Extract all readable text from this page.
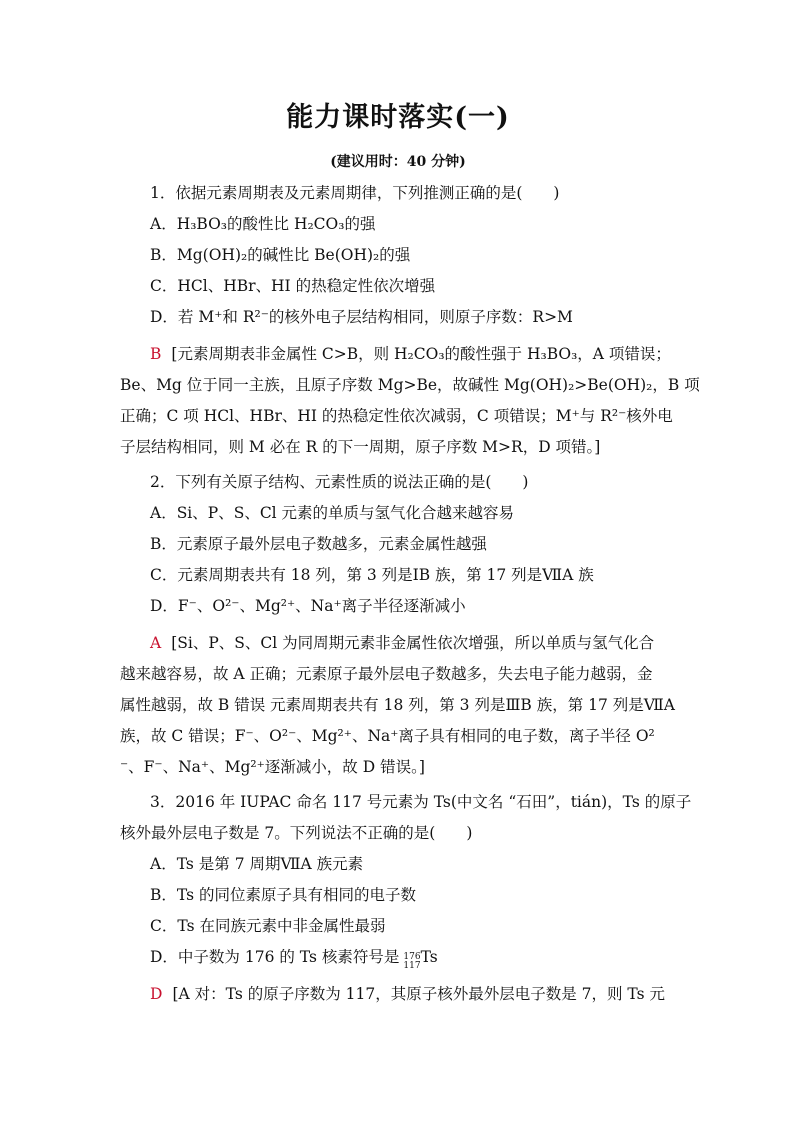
能力课时落实(一)
(建议用时：40 分钟)
1．依据元素周期表及元素周期律，下列推测正确的是(　　)
A．H₃BO₃的酸性比 H₂CO₃的强
B．Mg(OH)₂的碱性比 Be(OH)₂的强
C．HCl、HBr、HI 的热稳定性依次增强
D．若 M⁺和 R²⁻的核外电子层结构相同，则原子序数：R>M
B [元素周期表非金属性 C>B，则 H₂CO₃的酸性强于 H₃BO₃，A 项错误；
Be、Mg 位于同一主族，且原子序数 Mg>Be，故碱性 Mg(OH)₂>Be(OH)₂，B 项
正确；C 项 HCl、HBr、HI 的热稳定性依次减弱，C 项错误；M⁺与 R²⁻核外电
子层结构相同，则 M 必在 R 的下一周期，原子序数 M>R，D 项错。]
2．下列有关原子结构、元素性质的说法正确的是(　　)
A．Si、P、S、Cl 元素的单质与氢气化合越来越容易
B．元素原子最外层电子数越多，元素金属性越强
C．元素周期表共有 18 列，第 3 列是ⅠB 族，第 17 列是ⅦA 族
D．F⁻、O²⁻、Mg²⁺、Na⁺离子半径逐渐减小
A [Si、P、S、Cl 为同周期元素非金属性依次增强，所以单质与氢气化合
越来越容易，故 A 正确；元素原子最外层电子数越多，失去电子能力越弱，金
属性越弱，故 B 错误 元素周期表共有 18 列，第 3 列是ⅢB 族，第 17 列是ⅦA
族，故 C 错误；F⁻、O²⁻、Mg²⁺、Na⁺离子具有相同的电子数，离子半径 O²
⁻、F⁻、Na⁺、Mg²⁺逐渐减小，故 D 错误。]
3．2016 年 IUPAC 命名 117 号元素为 Ts(中文名 “石田”，tián)，Ts 的原子
核外最外层电子数是 7。下列说法不正确的是(　　)
A．Ts 是第 7 周期ⅦA 族元素
B．Ts 的同位素原子具有相同的电子数
C．Ts 在同族元素中非金属性最弱
D．中子数为 176 的 Ts 核素符号是 176
117 Ts
D [A 对：Ts 的原子序数为 117，其原子核外最外层电子数是 7，则 Ts 元
